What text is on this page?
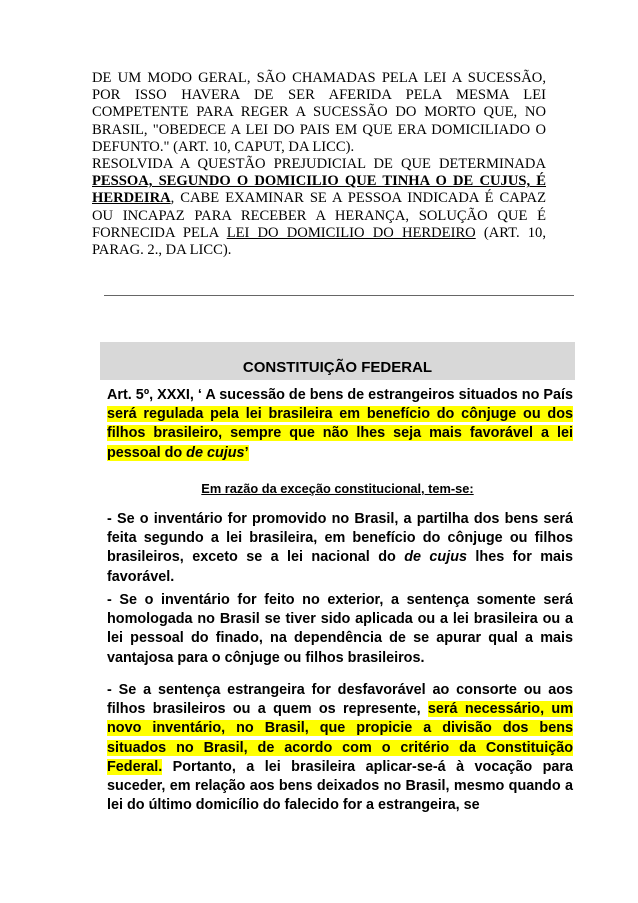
DE UM MODO GERAL, SÃO CHAMADAS PELA LEI A SUCESSÃO, POR ISSO HAVERA DE SER AFERIDA PELA MESMA LEI COMPETENTE PARA REGER A SUCESSÃO DO MORTO QUE, NO BRASIL, "OBEDECE A LEI DO PAIS EM QUE ERA DOMICILIADO O DEFUNTO." (ART. 10, CAPUT, DA LICC).

RESOLVIDA A QUESTÃO PREJUDICIAL DE QUE DETERMINADA PESSOA, SEGUNDO O DOMICILIO QUE TINHA O DE CUJUS, É HERDEIRA, CABE EXAMINAR SE A PESSOA INDICADA É CAPAZ OU INCAPAZ PARA RECEBER A HERANÇA, SOLUÇÃO QUE É FORNECIDA PELA LEI DO DOMICILIO DO HERDEIRO (ART. 10, PARAG. 2., DA LICC).

CONSTITUIÇÃO FEDERAL

Art. 5º, XXXI, ‘ A sucessão de bens de estrangeiros situados no País será regulada pela lei brasileira em benefício do cônjuge ou dos filhos brasileiro, sempre que não lhes seja mais favorável a lei pessoal do de cujus’

Em razão da exceção constitucional, tem-se:

- Se o inventário for promovido no Brasil, a partilha dos bens será feita segundo a lei brasileira, em benefício do cônjuge ou filhos brasileiros, exceto se a lei nacional do de cujus lhes for mais favorável.

- Se o inventário for feito no exterior, a sentença somente será homologada no Brasil se tiver sido aplicada ou a lei brasileira ou a lei pessoal do finado, na dependência de se apurar qual a mais vantajosa para o cônjuge ou filhos brasileiros.

- Se a sentença estrangeira for desfavorável ao consorte ou aos filhos brasileiros ou a quem os represente, será necessário, um novo inventário, no Brasil, que propicie a divisão dos bens situados no Brasil, de acordo com o critério da Constituição Federal. Portanto, a lei brasileira aplicar-se-á à vocação para suceder, em relação aos bens deixados no Brasil, mesmo quando a lei do último domicílio do falecido for a estrangeira, se
